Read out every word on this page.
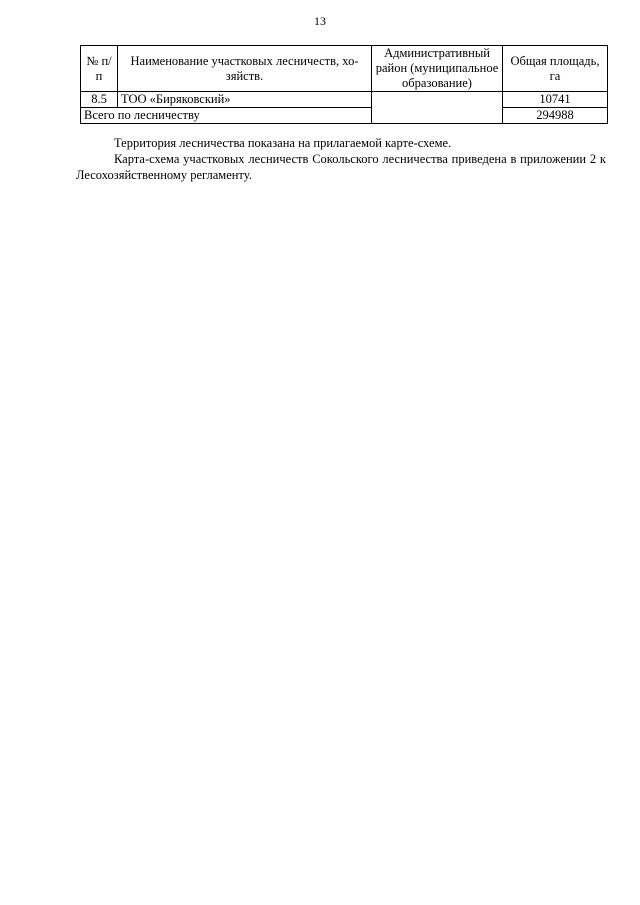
13
№ п/п	Наименование участковых лесничеств, хо-зяйств.	Административный район (муниципальное образование)	Общая площадь, га
8.5	ТОО «Биряковский»		10741
Всего по лесничеству			294988

Территория лесничества показана на прилагаемой карте-схеме.

Карта-схема участковых лесничеств Сокольского лесничества приведена в приложении 2 к Лесохозяйственному регламенту.
